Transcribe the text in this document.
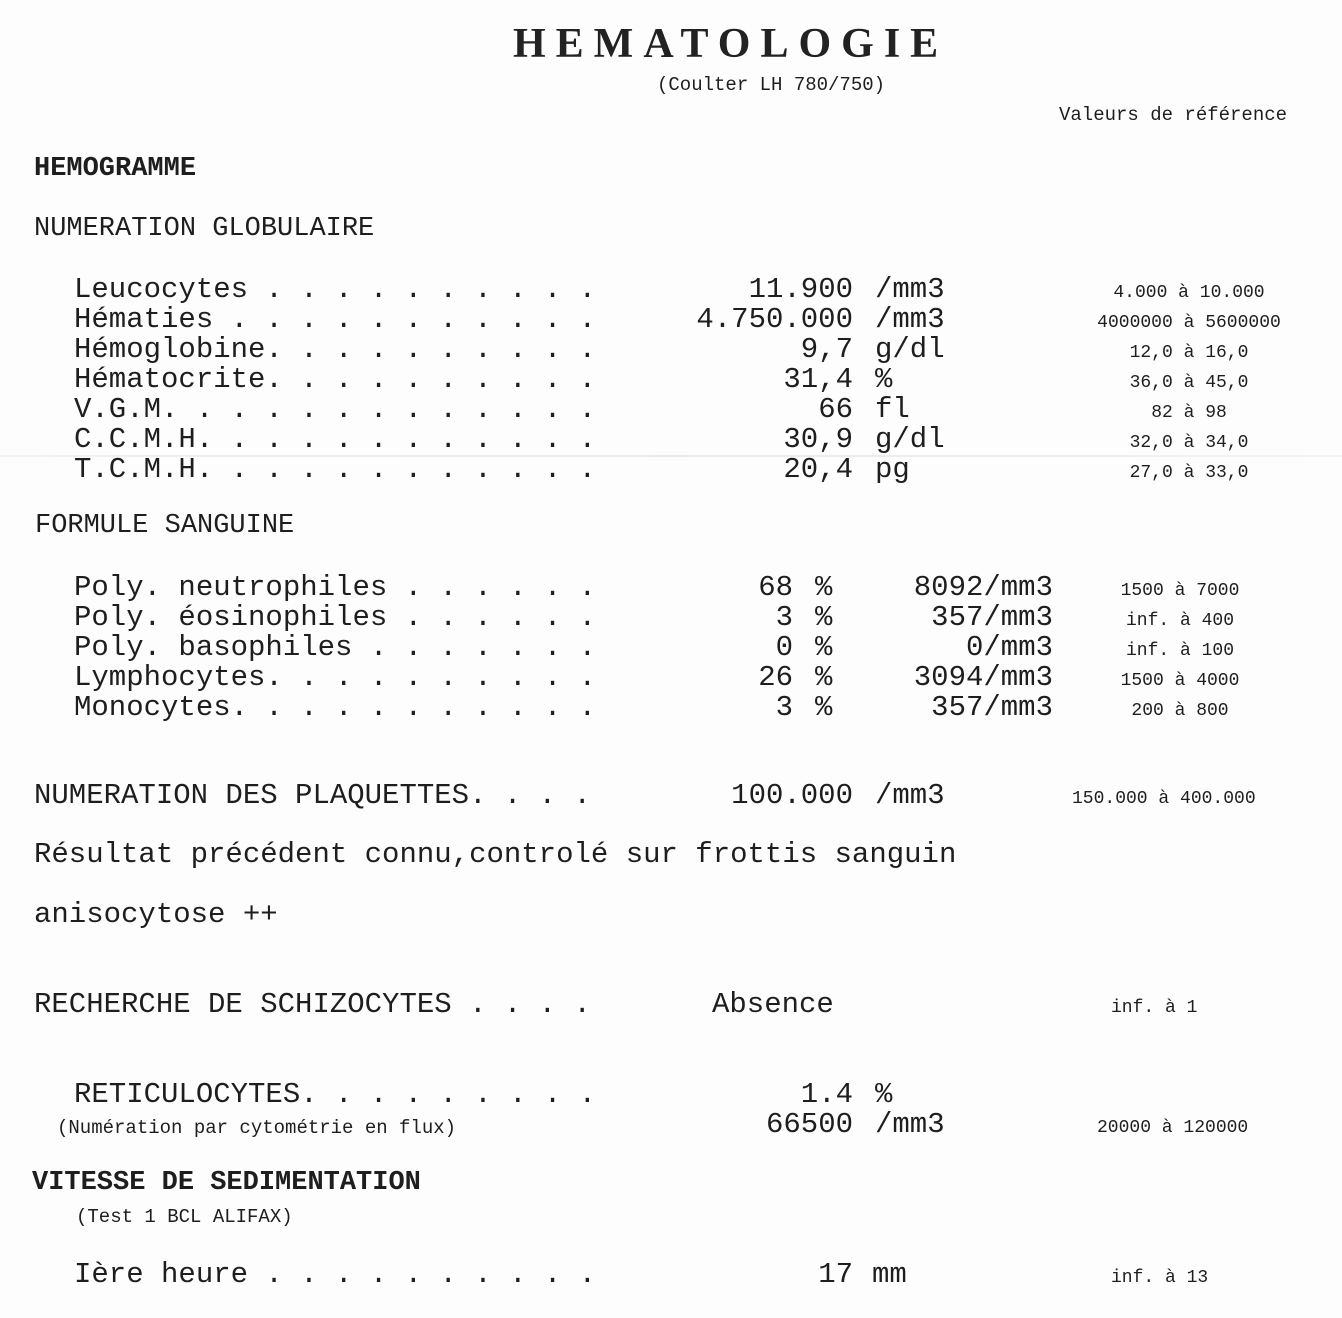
HEMATOLOGIE
(Coulter LH 780/750)
Valeurs de référence
HEMOGRAMME
NUMERATION GLOBULAIRE
Leucocytes . . . . . . . . . .	11.900 /mm3	4.000 à 10.000
Hématies . . . . . . . . . . .	4.750.000 /mm3	4000000 à 5600000
Hémoglobine. . . . . . . . . .	9,7 g/dl	12,0 à 16,0
Hématocrite. . . . . . . . . .	31,4 %	36,0 à 45,0
V.G.M. . . . . . . . . . . . .	66 fl	82 à 98
C.C.M.H. . . . . . . . . . . .	30,9 g/dl	32,0 à 34,0
T.C.M.H. . . . . . . . . . . .	20,4 pg	27,0 à 33,0
FORMULE SANGUINE
Poly. neutrophiles . . . . . .	68 %	8092/mm3	1500 à 7000
Poly. éosinophiles . . . . . .	3 %	357/mm3	inf. à 400
Poly. basophiles . . . . . . .	0 %	0/mm3	inf. à 100
Lymphocytes. . . . . . . . . .	26 %	3094/mm3	1500 à 4000
Monocytes. . . . . . . . . . .	3 %	357/mm3	200 à 800
NUMERATION DES PLAQUETTES. . . .	100.000 /mm3	150.000 à 400.000
Résultat précédent connu,controlé sur frottis sanguin
anisocytose ++
RECHERCHE DE SCHIZOCYTES . . . .	Absence	inf. à 1
RETICULOCYTES. . . . . . . . .	1.4 %
(Numération par cytométrie en flux)	66500 /mm3	20000 à 120000
VITESSE DE SEDIMENTATION
(Test 1 BCL ALIFAX)
Ière heure . . . . . . . . . .	17 mm	inf. à 13
